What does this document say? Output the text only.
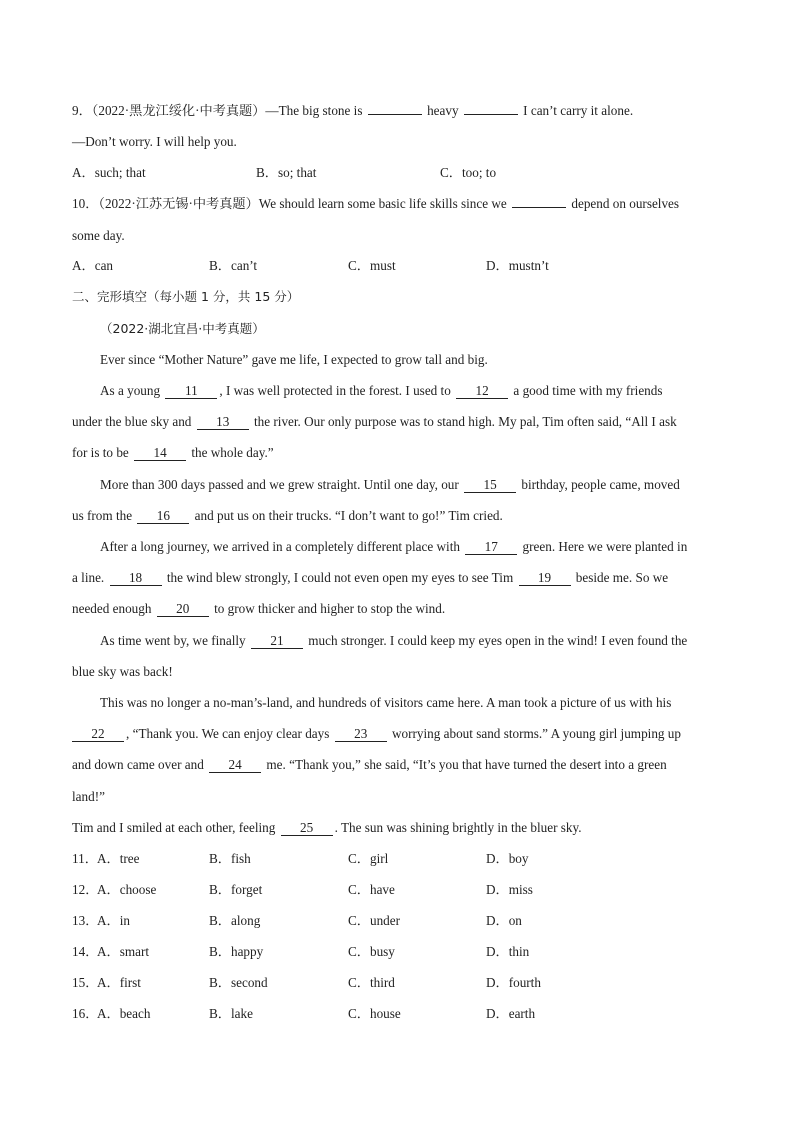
9．（2022·黑龙江绥化·中考真题）—The big stone is	heavy	I can’t carry it alone.
—Don’t worry. I will help you.
A．such; that	B．so; that	C．too; to
10．（2022·江苏无锡·中考真题）We should learn some basic life skills since we	depend on ourselves
some day.
A．can	B．can’t	C．must	D．mustn’t
二、完形填空（每小题 1 分，共 15 分）
（2022·湖北宜昌·中考真题）
Ever since “Mother Nature” gave me life, I expected to grow tall and big.
As a young 11 , I was well protected in the forest. I used to 12 a good time with my friends
under the blue sky and 13 the river. Our only purpose was to stand high. My pal, Tim often said, “All I ask
for is to be 14 the whole day.”
More than 300 days passed and we grew straight. Until one day, our 15 birthday, people came, moved
us from the 16 and put us on their trucks. “I don’t want to go!” Tim cried.
After a long journey, we arrived in a completely different place with 17 green. Here we were planted in
a line. 18 the wind blew strongly, I could not even open my eyes to see Tim 19 beside me. So we
needed enough 20 to grow thicker and higher to stop the wind.
As time went by, we finally 21 much stronger. I could keep my eyes open in the wind! I even found the
blue sky was back!
This was no longer a no-man’s-land, and hundreds of visitors came here. A man took a picture of us with his
22 , “Thank you. We can enjoy clear days 23 worrying about sand storms.” A young girl jumping up
and down came over and 24 me. “Thank you,” she said, “It’s you that have turned the desert into a green
land!”
Tim and I smiled at each other, feeling 25 . The sun was shining brightly in the bluer sky.
11． A．tree	B．fish	C．girl	D．boy
12．
A．choose	B．forget	C．have	D．miss
13．
A．in	B．along	C．under	D．on
14．
A．smart	B．happy	C．busy	D．thin
15．
A．first	B．second	C．third	D．fourth
16．
A．beach	B．lake	C．house	D．earth
